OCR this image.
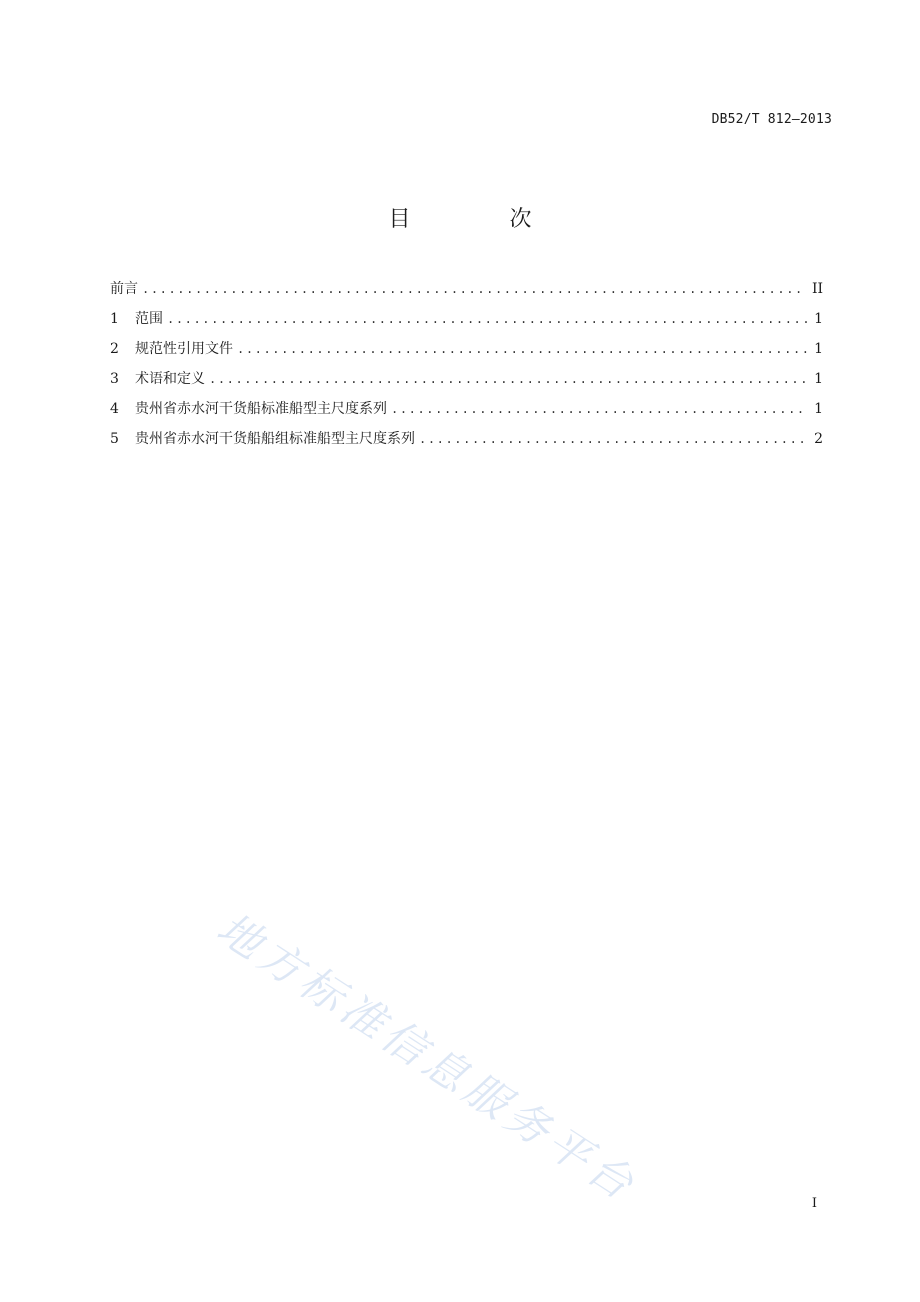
DB52/T 812—2013
目 次
前言 .....	II
1	范围 .....	1
2	规范性引用文件 .....	1
3	术语和定义 .....	1
4	贵州省赤水河干货船标准船型主尺度系列 .....	1
5	贵州省赤水河干货船船组标准船型主尺度系列 .....	2
地方标准信息服务平台	I
